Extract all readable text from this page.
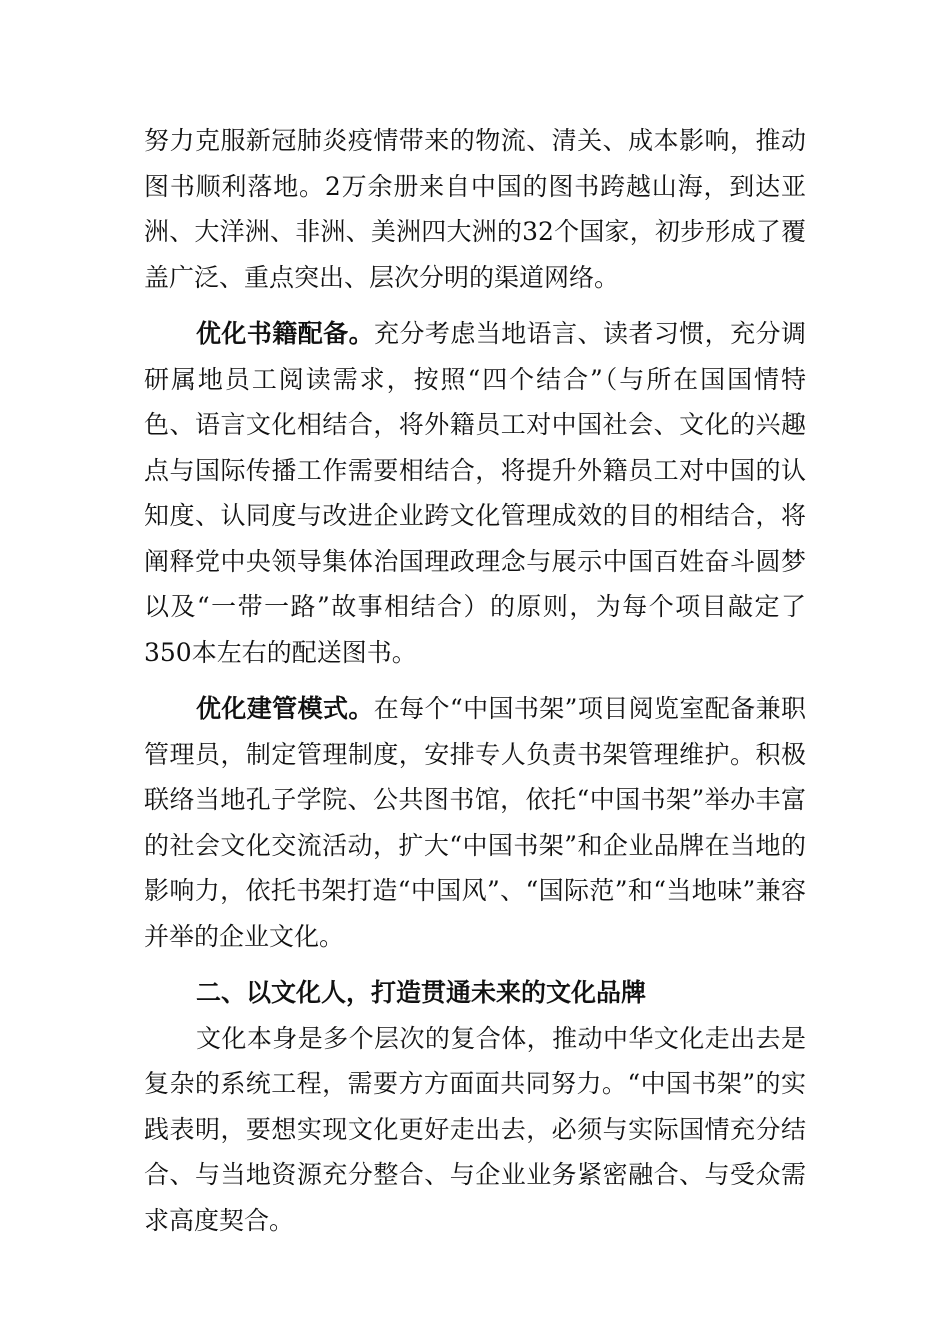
努力克服新冠肺炎疫情带来的物流、清关、成本影响，推动图书顺利落地。2万余册来自中国的图书跨越山海，到达亚洲、大洋洲、非洲、美洲四大洲的32个国家，初步形成了覆盖广泛、重点突出、层次分明的渠道网络。

优化书籍配备。充分考虑当地语言、读者习惯，充分调研属地员工阅读需求，按照“四个结合”（与所在国国情特色、语言文化相结合，将外籍员工对中国社会、文化的兴趣点与国际传播工作需要相结合，将提升外籍员工对中国的认知度、认同度与改进企业跨文化管理成效的目的相结合，将阐释党中央领导集体治国理政理念与展示中国百姓奋斗圆梦以及“一带一路”故事相结合）的原则，为每个项目敲定了350本左右的配送图书。

优化建管模式。在每个“中国书架”项目阅览室配备兼职管理员，制定管理制度，安排专人负责书架管理维护。积极联络当地孔子学院、公共图书馆，依托“中国书架”举办丰富的社会文化交流活动，扩大“中国书架”和企业品牌在当地的影响力，依托书架打造“中国风”、“国际范”和“当地味”兼容并举的企业文化。

二、以文化人，打造贯通未来的文化品牌

文化本身是多个层次的复合体，推动中华文化走出去是复杂的系统工程，需要方方面面共同努力。“中国书架”的实践表明，要想实现文化更好走出去，必须与实际国情充分结合、与当地资源充分整合、与企业业务紧密融合、与受众需求高度契合。
